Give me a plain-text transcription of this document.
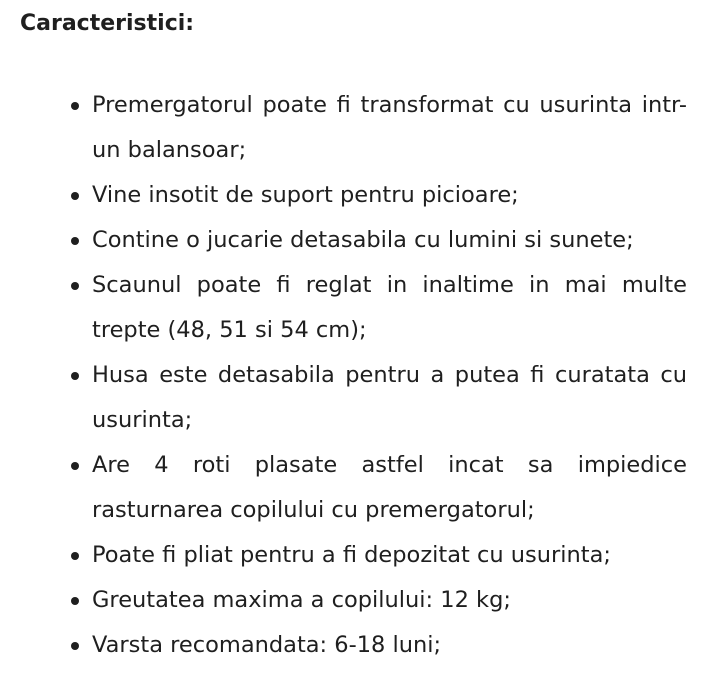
Caracteristici:
Premergatorul poate fi transformat cu usurinta intr-un balansoar;
Vine insotit de suport pentru picioare;
Contine o jucarie detasabila cu lumini si sunete;
Scaunul poate fi reglat in inaltime in mai multe trepte (48, 51 si 54 cm);
Husa este detasabila pentru a putea fi curatata cu usurinta;
Are 4 roti plasate astfel incat sa impiedice rasturnarea copilului cu premergatorul;
Poate fi pliat pentru a fi depozitat cu usurinta;
Greutatea maxima a copilului: 12 kg;
Varsta recomandata: 6-18 luni;
